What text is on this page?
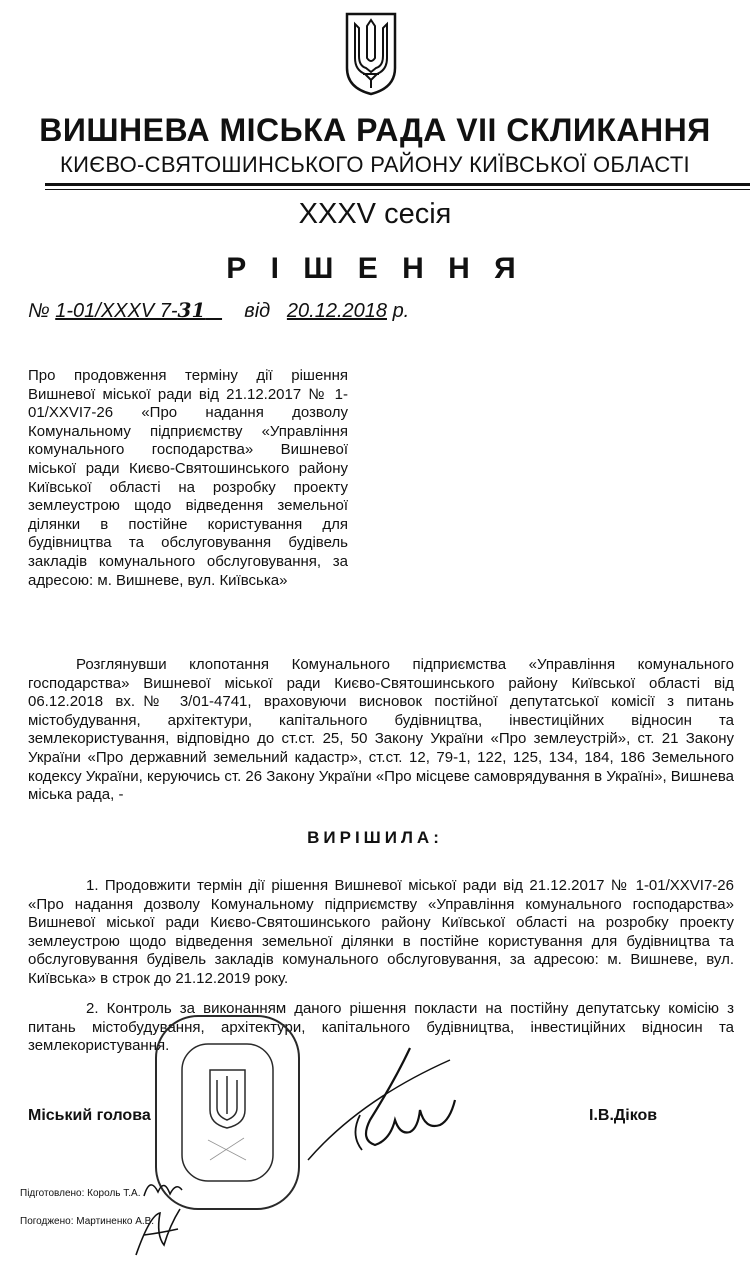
ВИШНЕВА МІСЬКА РАДА VII СКЛИКАННЯ
КИЄВО-СВЯТОШИНСЬКОГО РАЙОНУ КИЇВСЬКОЇ ОБЛАСТІ
XXXV сесія
Р І Ш Е Н Н Я
№ 1-01/XXXV 7-31 від 20.12.2018 р.
Про продовження терміну дії рішення Вишневої міської ради від 21.12.2017 № 1-01/XXVI7-26 «Про надання дозволу Комунальному підприємству «Управління комунального господарства» Вишневої міської ради Києво-Святошинського району Київської області на розробку проекту землеустрою щодо відведення земельної ділянки в постійне користування для будівництва та обслуговування будівель закладів комунального обслуговування, за адресою: м. Вишневе, вул. Київська»
Розглянувши клопотання Комунального підприємства «Управління комунального господарства» Вишневої міської ради Києво-Святошинського району Київської області від 06.12.2018 вх.№ 3/01-4741, враховуючи висновок постійної депутатської комісії з питань містобудування, архітектури, капітального будівництва, інвестиційних відносин та землекористування, відповідно до ст.ст. 25, 50 Закону України «Про землеустрій», ст. 21 Закону України «Про державний земельний кадастр», ст.ст. 12, 79-1, 122, 125, 134, 184, 186 Земельного кодексу України, керуючись ст. 26 Закону України «Про місцеве самоврядування в Україні», Вишнева міська рада, -
ВИРІШИЛА:
1. Продовжити термін дії рішення Вишневої міської ради від 21.12.2017 № 1-01/XXVI7-26 «Про надання дозволу Комунальному підприємству «Управління комунального господарства» Вишневої міської ради Києво-Святошинського району Київської області на розробку проекту землеустрою щодо відведення земельної ділянки в постійне користування для будівництва та обслуговування будівель закладів комунального обслуговування, за адресою: м. Вишневе, вул. Київська» в строк до 21.12.2019 року.
2. Контроль за виконанням даного рішення покласти на постійну депутатську комісію з питань містобудування, архітектури, капітального будівництва, інвестиційних відносин та землекористування.
Міський голова	І.В.Діков
Підготовлено: Король Т.А.
Погоджено: Мартиненко А.В.
